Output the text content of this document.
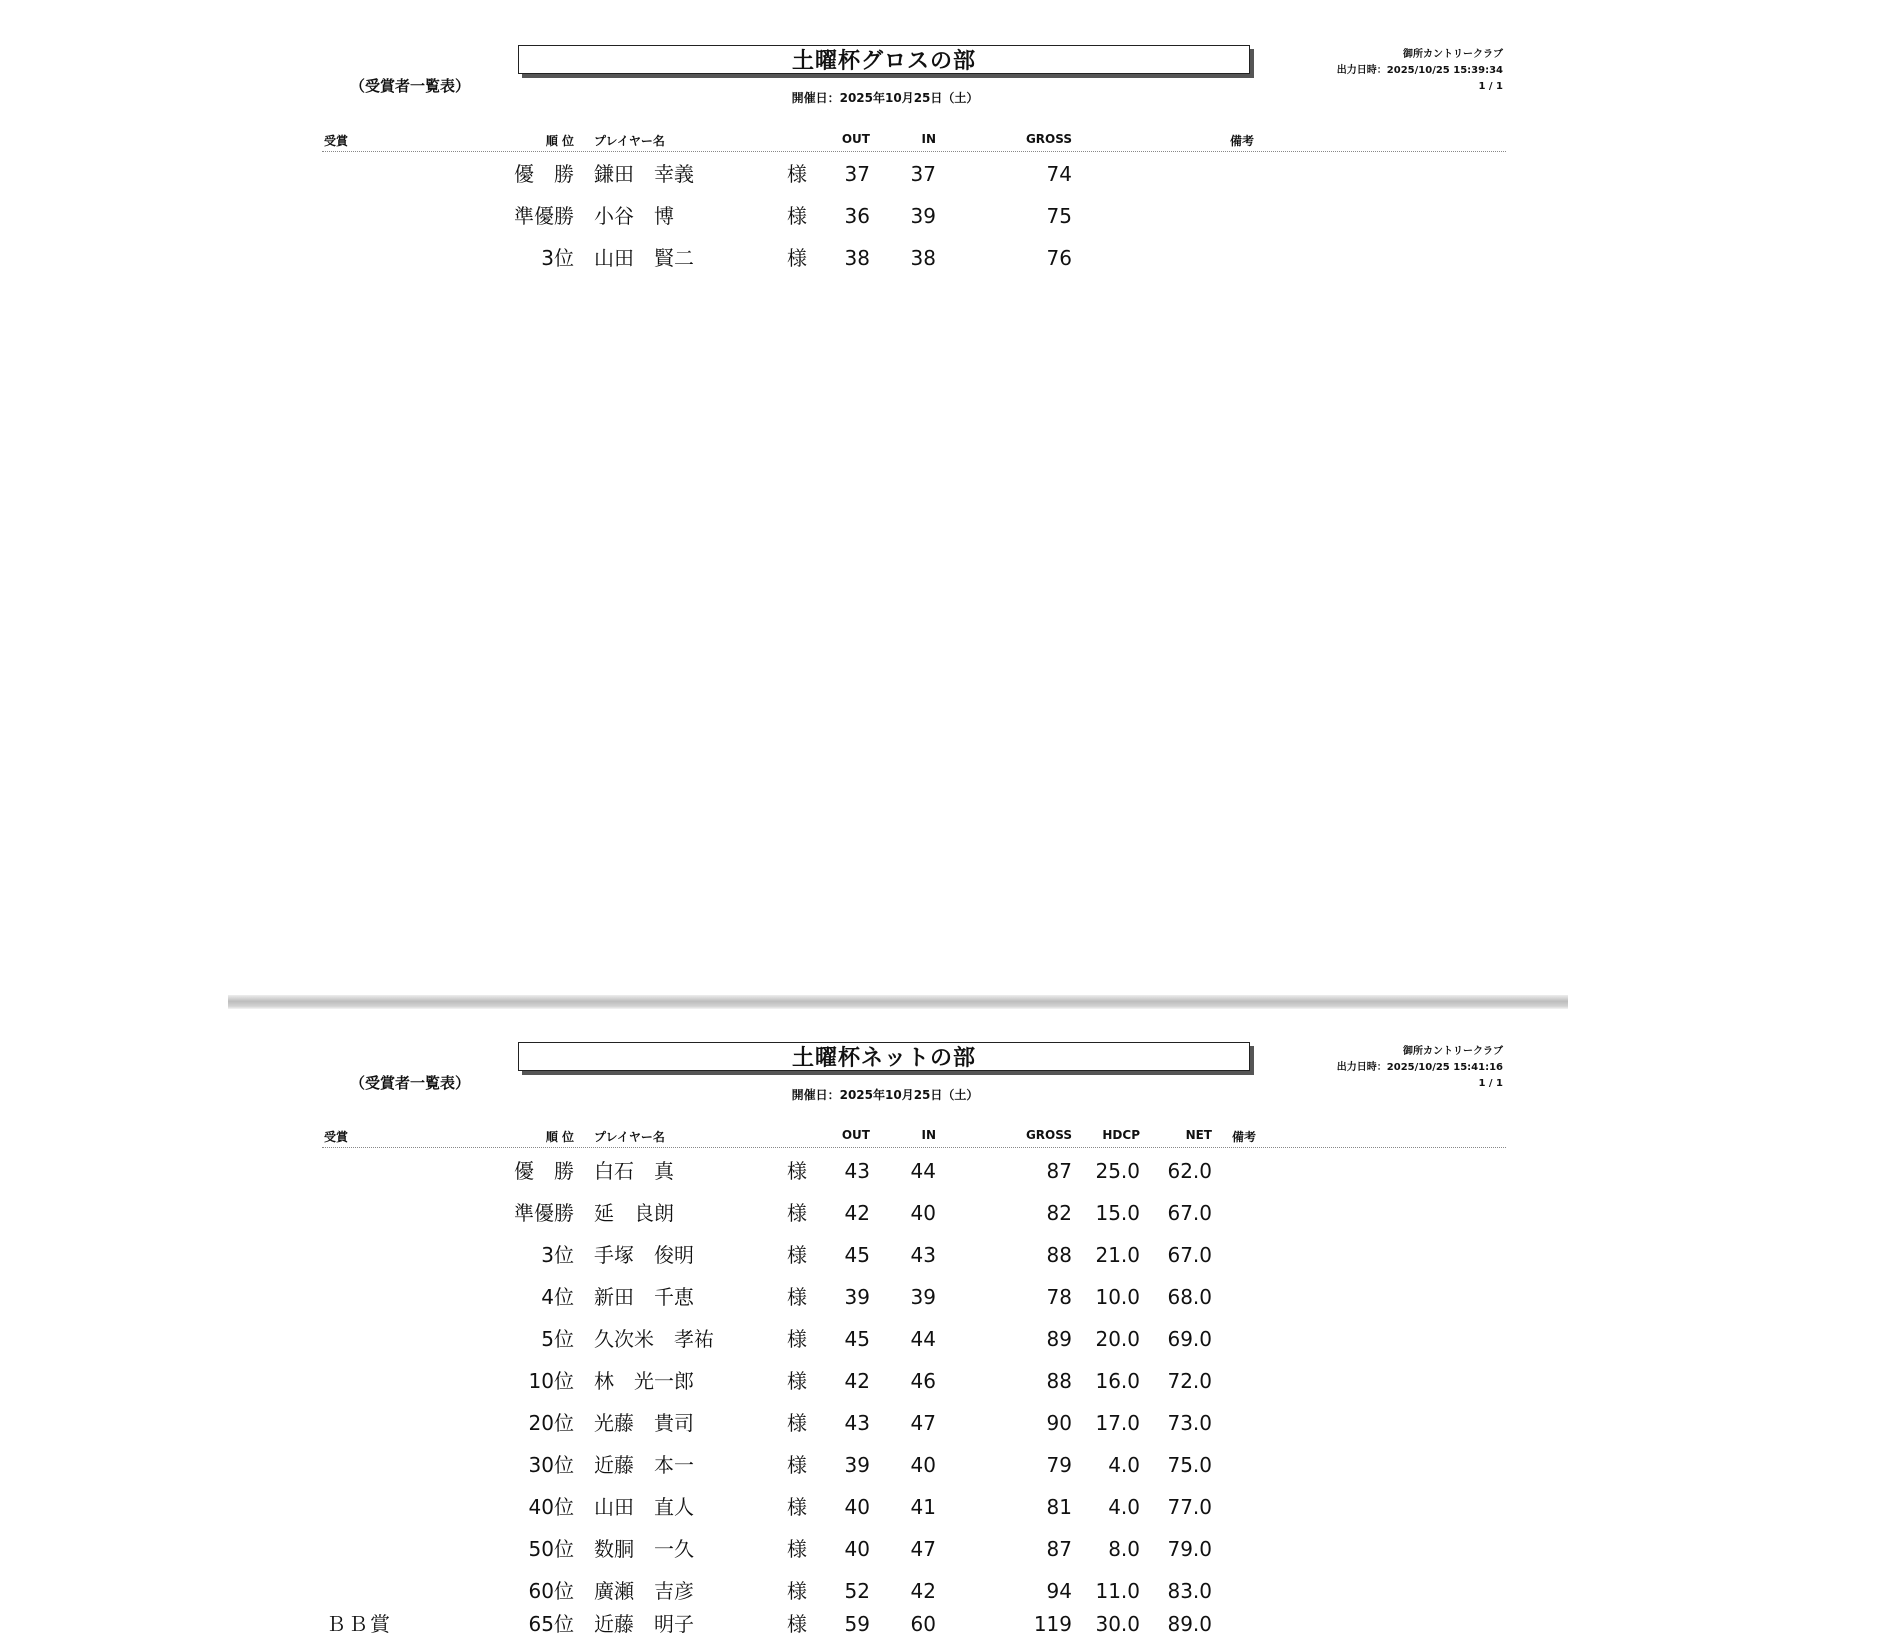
（受賞者一覧表）
土曜杯グロスの部
開催日：2025年10月25日（土）
御所カントリークラブ
出力日時：2025/10/25 15:39:34
1 / 1
受賞	順 位 プレイヤー名	OUT	IN	GROSS	備考
優　勝 鎌田　幸義	様 37 37	74
準優勝 小谷　博	様 36 39	75
3位 山田　賢二	様 38 38	76
（受賞者一覧表）
土曜杯ネットの部
開催日：2025年10月25日（土）
御所カントリークラブ
出力日時：2025/10/25 15:41:16
1 / 1
受賞	順 位 プレイヤー名	OUT	IN	GROSS	HDCP	NET 備考
優　勝 白石　真	様 43 44	87	25.0	62.0
準優勝 延　良朗	様 42 40	82	15.0	67.0
3位 手塚　俊明	様 45 43	88	21.0	67.0
4位 新田　千恵	様 39 39	78	10.0	68.0
5位 久次米　孝祐	様 45 44	89	20.0	69.0
10位 林　光一郎	様 42 46	88	16.0	72.0
20位 光藤　貴司	様 43 47	90	17.0	73.0
30位 近藤　本一	様 39 40	79	4.0	75.0
40位 山田　直人	様 40 41	81	4.0	77.0
50位 数胴　一久	様 40 47	87	8.0	79.0
60位 廣瀬　吉彦	様 52 42	94	11.0	83.0
ＢＢ賞	65位 近藤　明子	様 59 60	119	30.0	89.0
